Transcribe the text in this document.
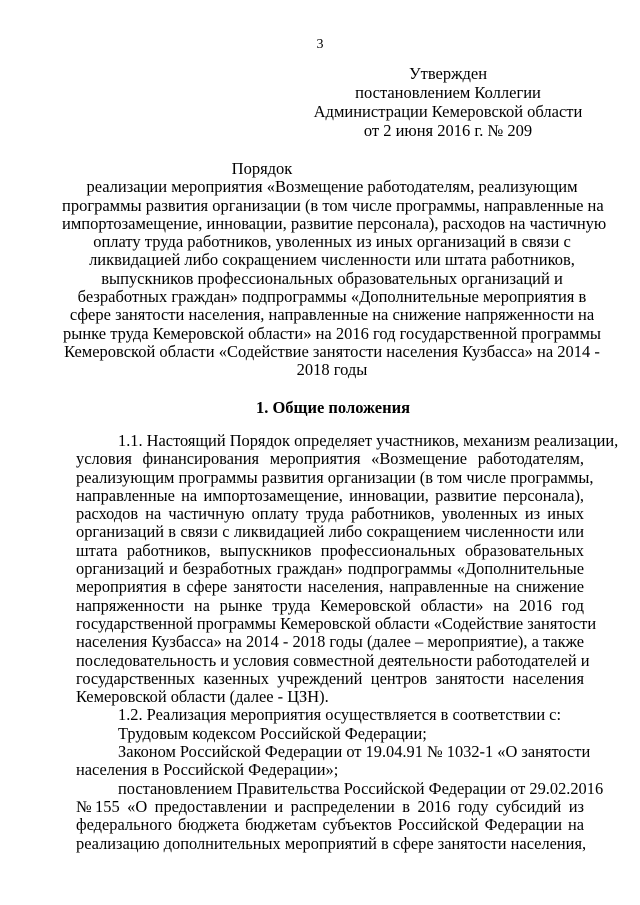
3
Утвержден
постановлением Коллегии
Администрации Кемеровской области
от 2 июня 2016 г. № 209
Порядок
реализации мероприятия «Возмещение работодателям, реализующим
программы развития организации (в том числе программы, направленные на
импортозамещение, инновации, развитие персонала), расходов на частичную
оплату труда работников, уволенных из иных организаций в связи с
ликвидацией либо сокращением численности или штата работников,
выпускников профессиональных образовательных организаций и
безработных граждан» подпрограммы «Дополнительные мероприятия в
сфере занятости населения, направленные на снижение напряженности на
рынке труда Кемеровской области» на 2016 год государственной программы
Кемеровской области «Содействие занятости населения Кузбасса» на 2014 -
2018 годы
1. Общие положения
1.1. Настоящий Порядок определяет участников, механизм реализации,
условия финансирования мероприятия «Возмещение работодателям,
реализующим программы развития организации (в том числе программы,
направленные на импортозамещение, инновации, развитие персонала),
расходов на частичную оплату труда работников, уволенных из иных
организаций в связи с ликвидацией либо сокращением численности или
штата работников, выпускников профессиональных образовательных
организаций и безработных граждан» подпрограммы «Дополнительные
мероприятия в сфере занятости населения, направленные на снижение
напряженности на рынке труда Кемеровской области» на 2016 год
государственной программы Кемеровской области «Содействие занятости
населения Кузбасса» на 2014 - 2018 годы (далее – мероприятие), а также
последовательность и условия совместной деятельности работодателей и
государственных казенных учреждений центров занятости населения
Кемеровской области (далее - ЦЗН).
1.2. Реализация мероприятия осуществляется в соответствии с:
Трудовым кодексом Российской Федерации;
Законом Российской Федерации от 19.04.91 № 1032-1 «О занятости
населения в Российской Федерации»;
постановлением Правительства Российской Федерации от 29.02.2016
№155 «О предоставлении и распределении в 2016 году субсидий из
федерального бюджета бюджетам субъектов Российской Федерации на
реализацию дополнительных мероприятий в сфере занятости населения,
